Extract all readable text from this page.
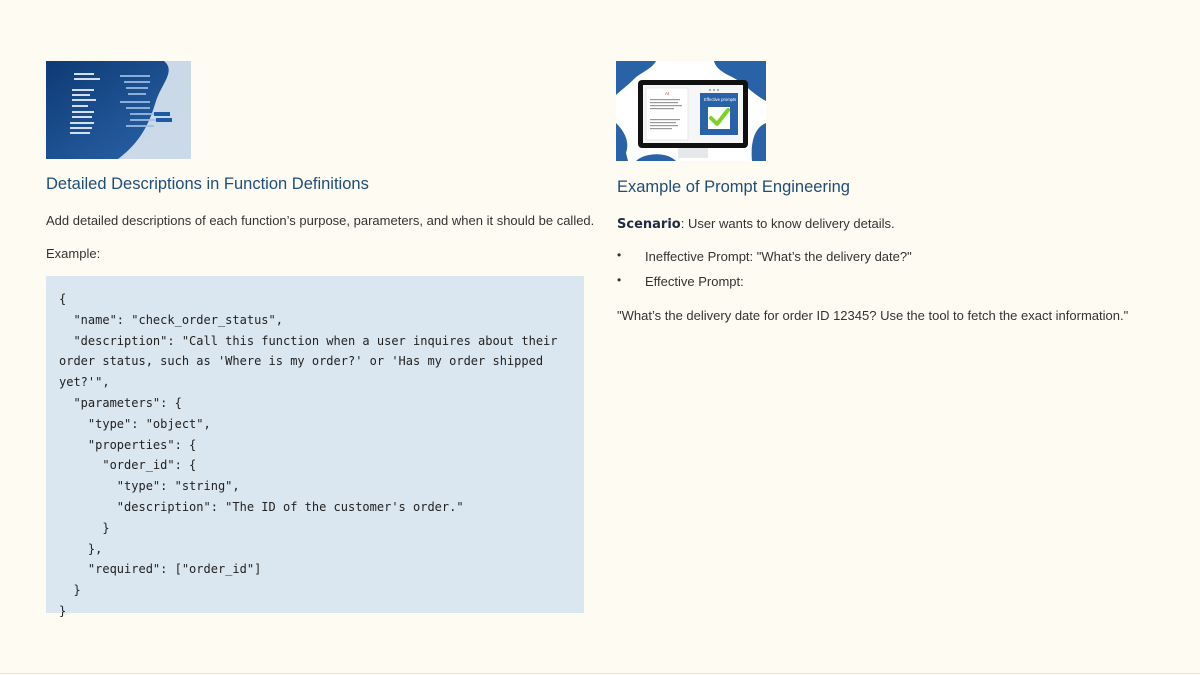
Detailed Descriptions in Function Definitions
Add detailed descriptions of each function’s purpose, parameters, and when it should be called.
Example:
{
"name": "check_order_status",
"description": "Call this function when a user inquires about their
order status, such as 'Where is my order?' or 'Has my order shipped
yet?'",
"parameters": {
"type": "object",
"properties": {
"order_id": {
"type": "string",
"description": "The ID of the customer's order."
}
},
"required": ["order_id"]
}
}
AI
Effective prompts
Example of Prompt Engineering
Scenario: User wants to know delivery details.
• Ineffective Prompt: "What’s the delivery date?"
• Effective Prompt:
"What’s the delivery date for order ID 12345? Use the tool to fetch the exact information."
